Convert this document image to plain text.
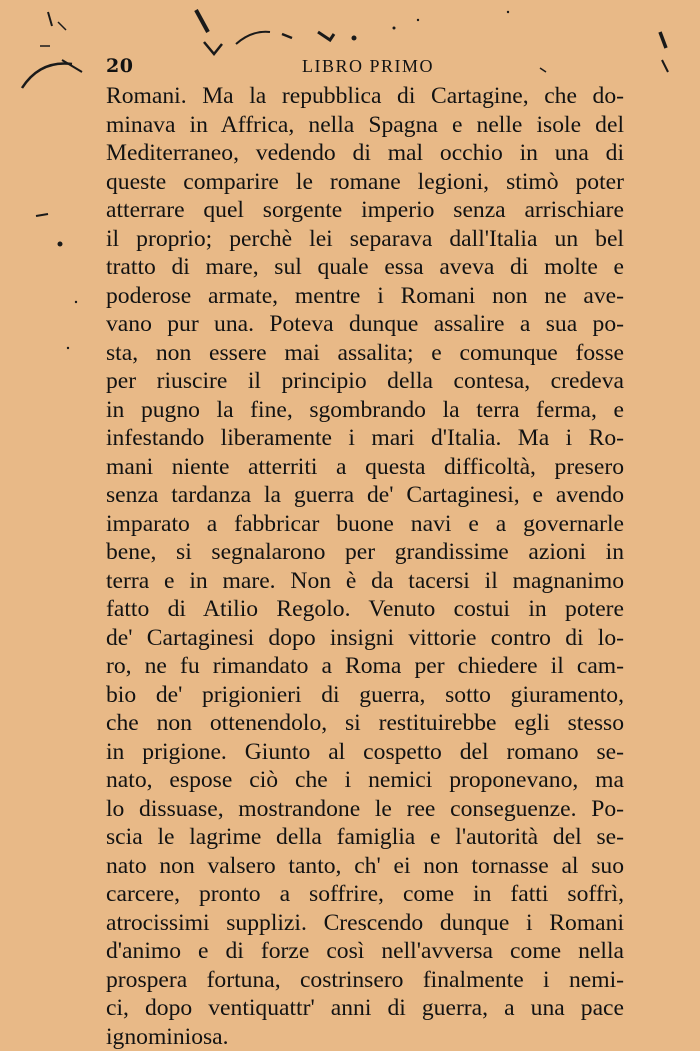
20	LIBRO PRIMO
Romani. Ma la repubblica di Cartagine, che do-
minava in Affrica, nella Spagna e nelle isole del
Mediterraneo, vedendo di mal occhio in una di
queste comparire le romane legioni, stimò poter
atterrare quel sorgente imperio senza arrischiare
il proprio; perchè lei separava dall'Italia un bel
tratto di mare, sul quale essa aveva di molte e
poderose armate, mentre i Romani non ne ave-
vano pur una. Poteva dunque assalire a sua po-
sta, non essere mai assalita; e comunque fosse
per riuscire il principio della contesa, credeva
in pugno la fine, sgombrando la terra ferma, e
infestando liberamente i mari d'Italia. Ma i Ro-
mani niente atterriti a questa difficoltà, presero
senza tardanza la guerra de' Cartaginesi, e avendo
imparato a fabbricar buone navi e a governarle
bene, si segnalarono per grandissime azioni in
terra e in mare. Non è da tacersi il magnanimo
fatto di Atilio Regolo. Venuto costui in potere
de' Cartaginesi dopo insigni vittorie contro di lo-
ro, ne fu rimandato a Roma per chiedere il cam-
bio de' prigionieri di guerra, sotto giuramento,
che non ottenendolo, si restituirebbe egli stesso
in prigione. Giunto al cospetto del romano se-
nato, espose ciò che i nemici proponevano, ma
lo dissuase, mostrandone le ree conseguenze. Po-
scia le lagrime della famiglia e l'autorità del se-
nato non valsero tanto, ch' ei non tornasse al suo
carcere, pronto a soffrire, come in fatti soffrì,
atrocissimi supplizi. Crescendo dunque i Romani
d'animo e di forze così nell'avversa come nella
prospera fortuna, costrinsero finalmente i nemi-
ci, dopo ventiquattr' anni di guerra, a una pace
ignominiosa.
